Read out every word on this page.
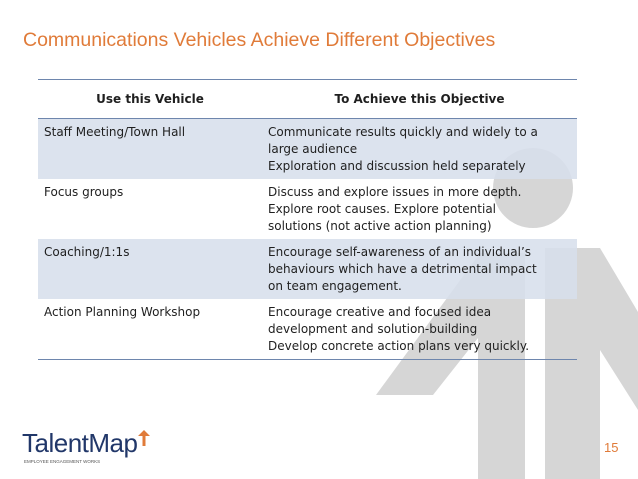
Communications Vehicles Achieve Different Objectives
Use this Vehicle	To Achieve this Objective
Staff Meeting/Town Hall	Communicate results quickly and widely to a
large audience
Exploration and discussion held separately

Focus groups	Discuss and explore issues in more depth.
Explore root causes. Explore potential
solutions (not active action planning)

Coaching/1:1s	Encourage self-awareness of an individual’s
behaviours which have a detrimental impact
on team engagement.

Action Planning Workshop	Encourage creative and focused idea
development and solution-building
Develop concrete action plans very quickly.
TalentMap
EMPLOYEE ENGAGEMENT WORKS
15
